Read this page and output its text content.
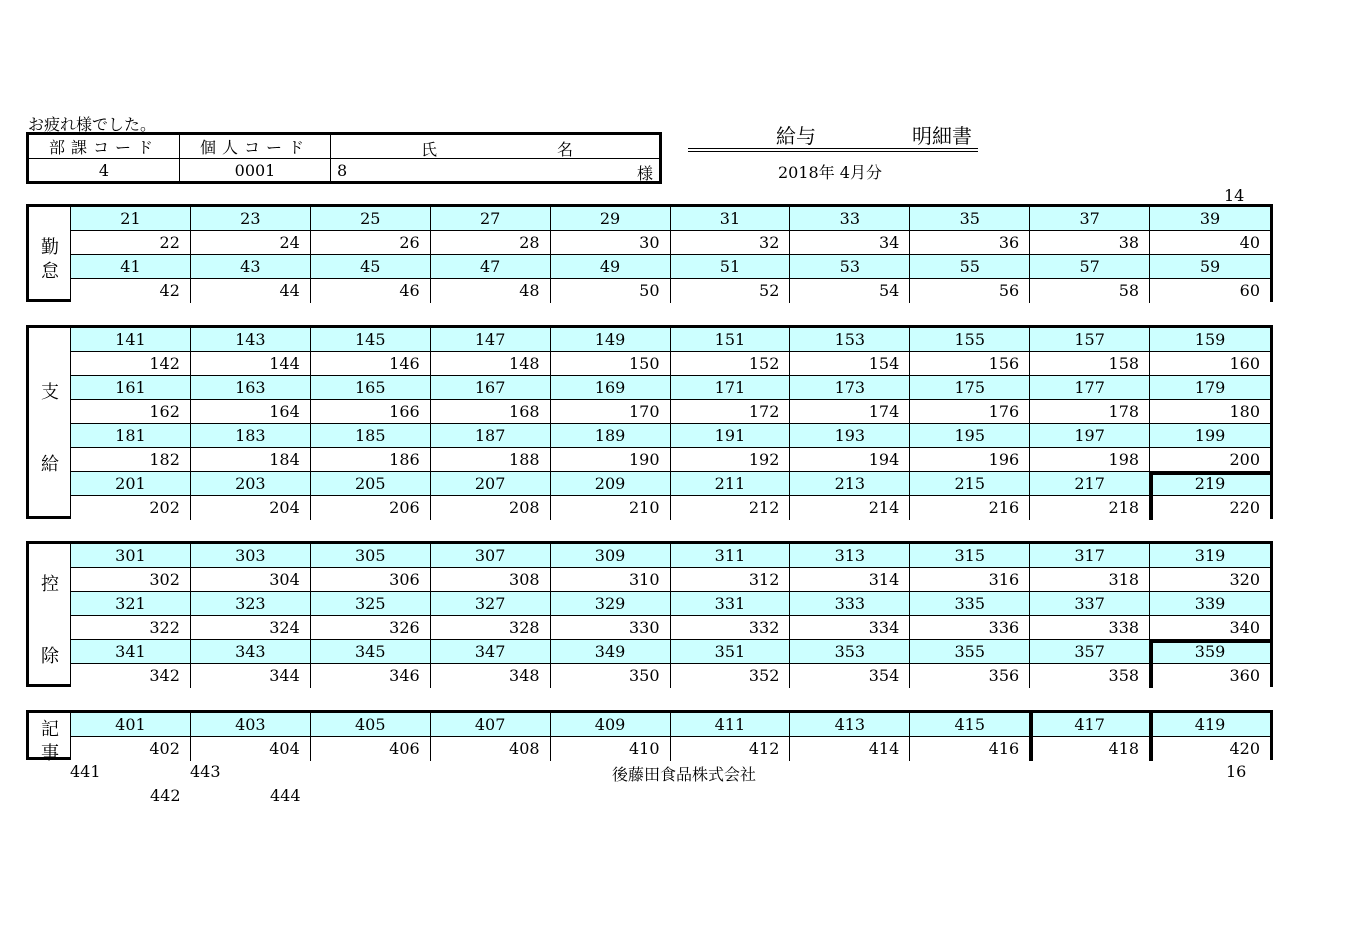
お疲れ様でした。
部課コード	個人コード	氏 名

4	0001	8 様
給与	明細書
2018年 4月分
14
勤
怠
21	23	25	27	29	31	33	35	37	39
22	24	26	28	30	32	34	36	38	40
41	43	45	47	49	51	53	55	57	59
42	44	46	48	50	52	54	56	58	60
支
給
141	143	145	147	149	151	153	155	157	159
142	144	146	148	150	152	154	156	158	160
161	163	165	167	169	171	173	175	177	179
162	164	166	168	170	172	174	176	178	180
181	183	185	187	189	191	193	195	197	199
182	184	186	188	190	192	194	196	198	200
201	203	205	207	209	211	213	215	217	219
202	204	206	208	210	212	214	216	218	220
控
除
301	303	305	307	309	311	313	315	317	319
302	304	306	308	310	312	314	316	318	320
321	323	325	327	329	331	333	335	337	339
322	324	326	328	330	332	334	336	338	340
341	343	345	347	349	351	353	355	357	359
342	344	346	348	350	352	354	356	358	360
記
事
401	403	405	407	409	411	413	415	417	419
402	404	406	408	410	412	414	416	418	420
441	443
442	444
後藤田食品株式会社	16
